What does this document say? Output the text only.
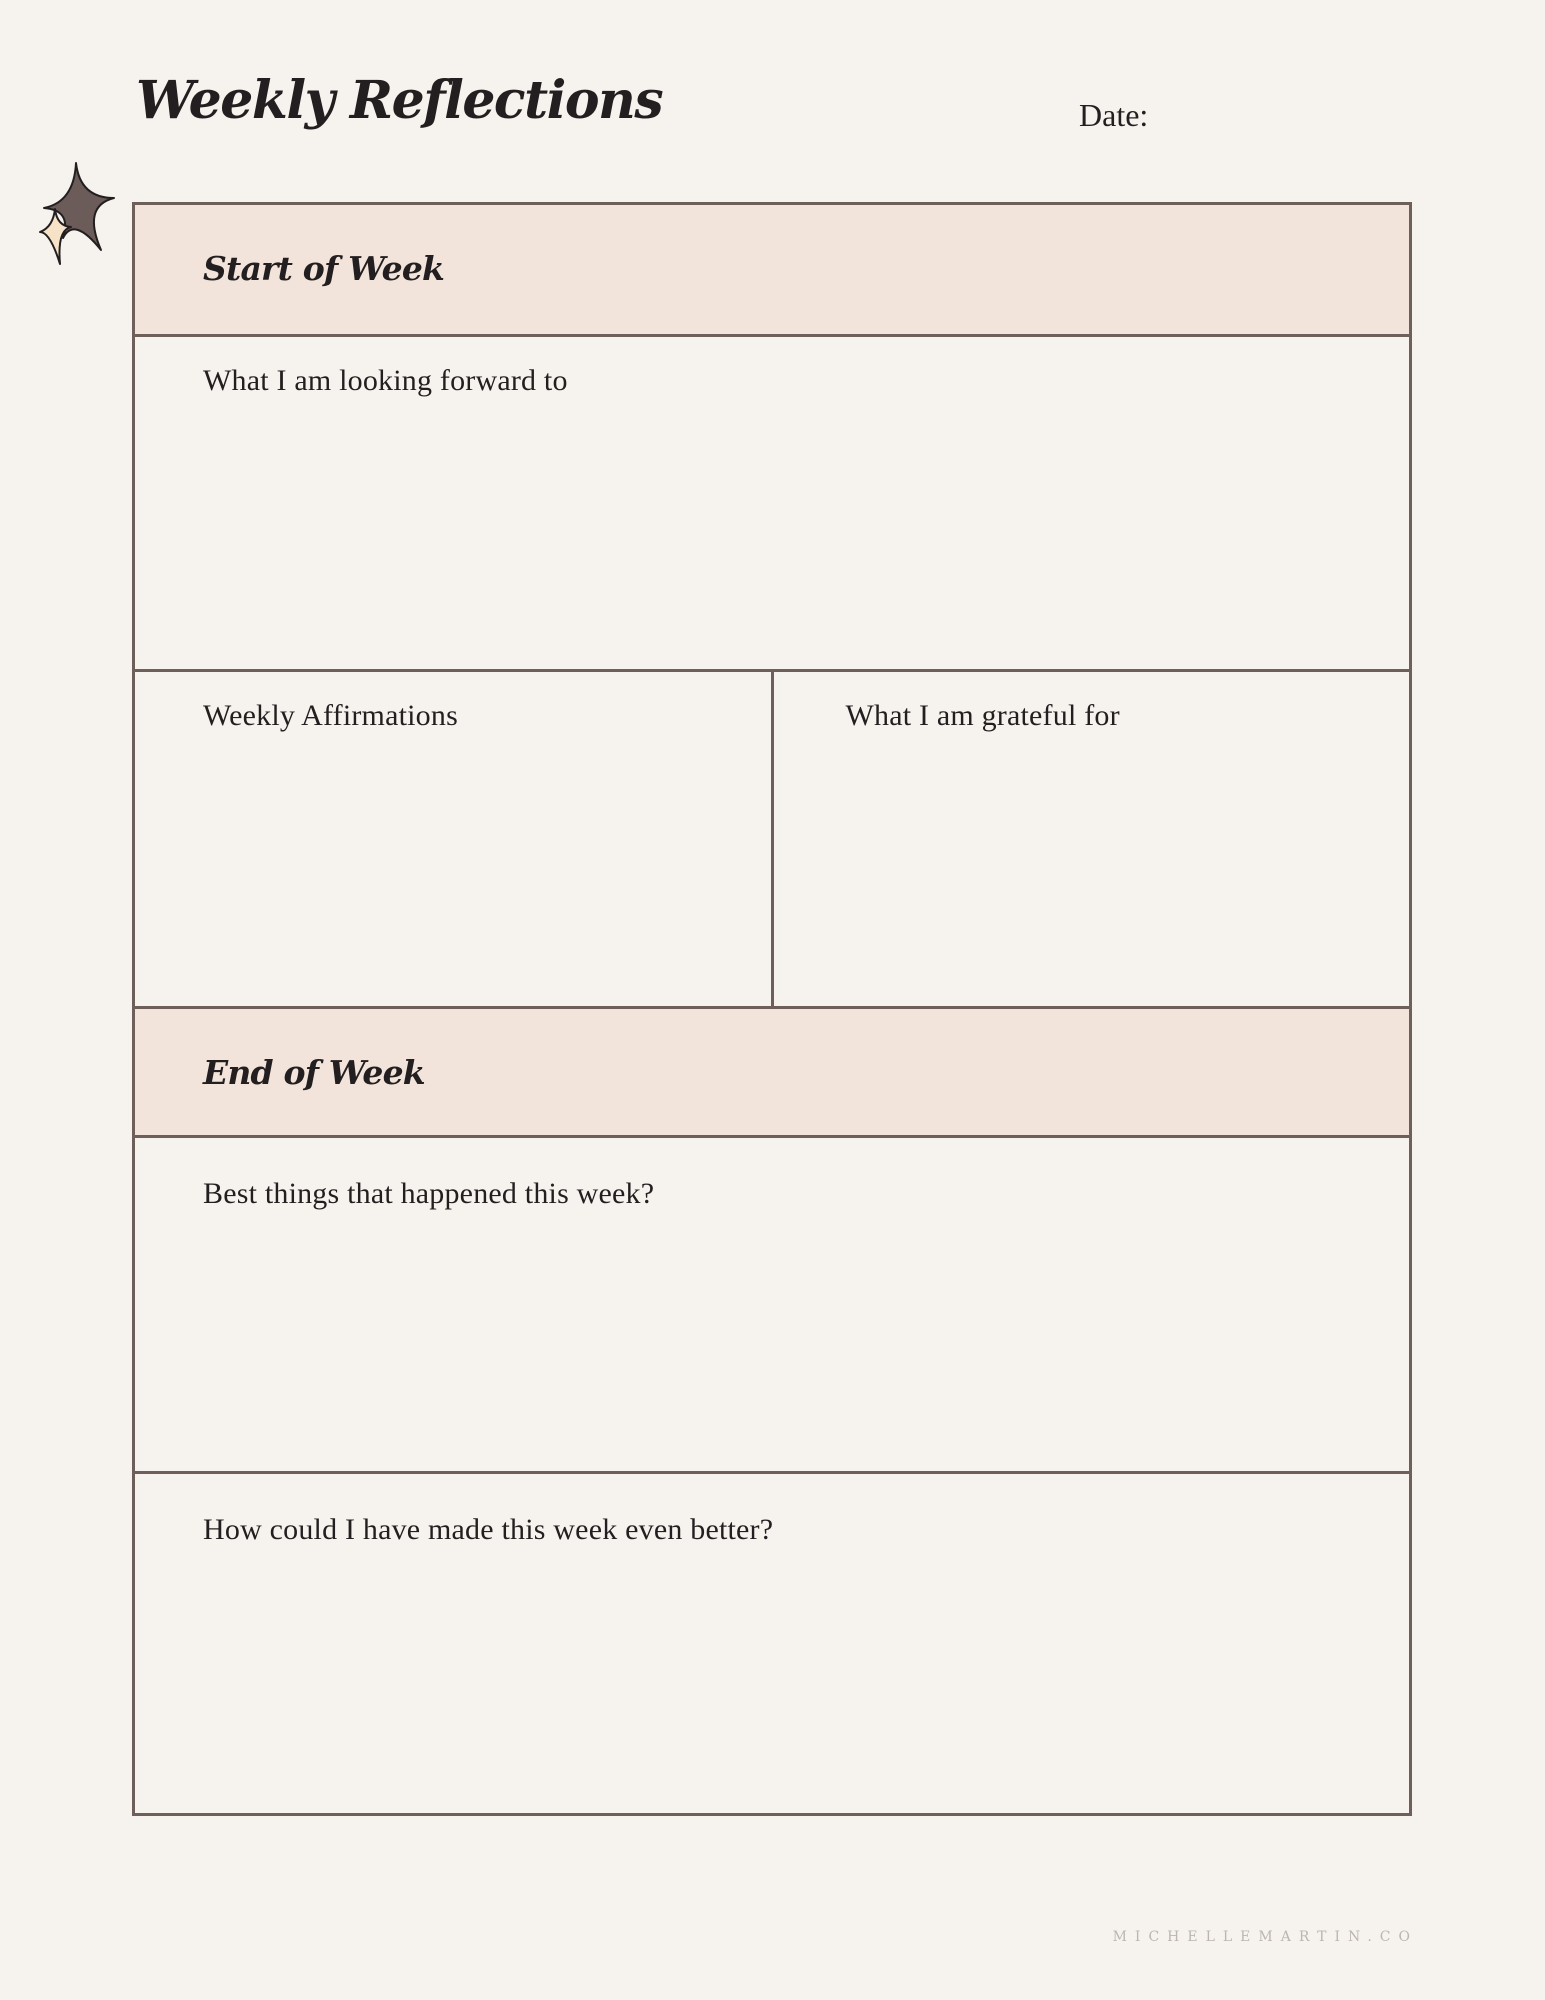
Weekly Reflections	Date:
Start of Week
What I am looking forward to
Weekly Affirmations	What I am grateful for
End of Week
Best things that happened this week?
How could I have made this week even better?
MICHELLEMARTIN.CO
